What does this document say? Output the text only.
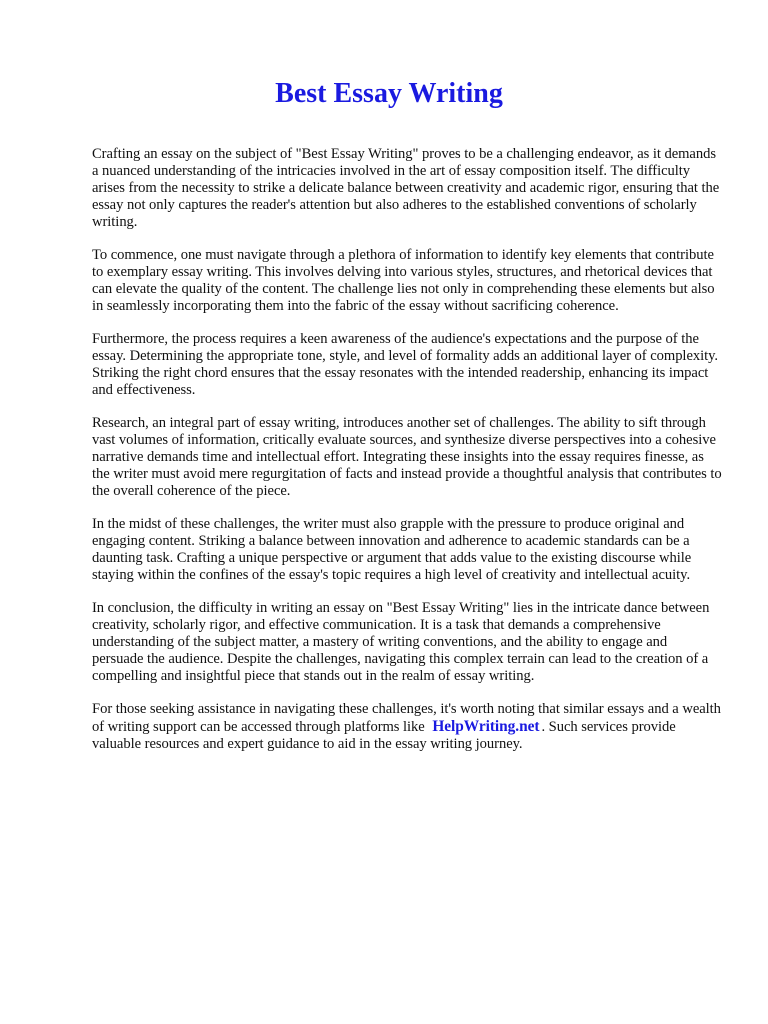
Best Essay Writing

Crafting an essay on the subject of "Best Essay Writing" proves to be a challenging endeavor, as it demands a nuanced understanding of the intricacies involved in the art of essay composition itself. The difficulty arises from the necessity to strike a delicate balance between creativity and academic rigor, ensuring that the essay not only captures the reader's attention but also adheres to the established conventions of scholarly writing.

To commence, one must navigate through a plethora of information to identify key elements that contribute to exemplary essay writing. This involves delving into various styles, structures, and rhetorical devices that can elevate the quality of the content. The challenge lies not only in comprehending these elements but also in seamlessly incorporating them into the fabric of the essay without sacrificing coherence.

Furthermore, the process requires a keen awareness of the audience's expectations and the purpose of the essay. Determining the appropriate tone, style, and level of formality adds an additional layer of complexity. Striking the right chord ensures that the essay resonates with the intended readership, enhancing its impact and effectiveness.

Research, an integral part of essay writing, introduces another set of challenges. The ability to sift through vast volumes of information, critically evaluate sources, and synthesize diverse perspectives into a cohesive narrative demands time and intellectual effort. Integrating these insights into the essay requires finesse, as the writer must avoid mere regurgitation of facts and instead provide a thoughtful analysis that contributes to the overall coherence of the piece.

In the midst of these challenges, the writer must also grapple with the pressure to produce original and engaging content. Striking a balance between innovation and adherence to academic standards can be a daunting task. Crafting a unique perspective or argument that adds value to the existing discourse while staying within the confines of the essay's topic requires a high level of creativity and intellectual acuity.

In conclusion, the difficulty in writing an essay on "Best Essay Writing" lies in the intricate dance between creativity, scholarly rigor, and effective communication. It is a task that demands a comprehensive understanding of the subject matter, a mastery of writing conventions, and the ability to engage and persuade the audience. Despite the challenges, navigating this complex terrain can lead to the creation of a compelling and insightful piece that stands out in the realm of essay writing.

For those seeking assistance in navigating these challenges, it's worth noting that similar essays and a wealth of writing support can be accessed through platforms like HelpWriting.net . Such services provide valuable resources and expert guidance to aid in the essay writing journey.
